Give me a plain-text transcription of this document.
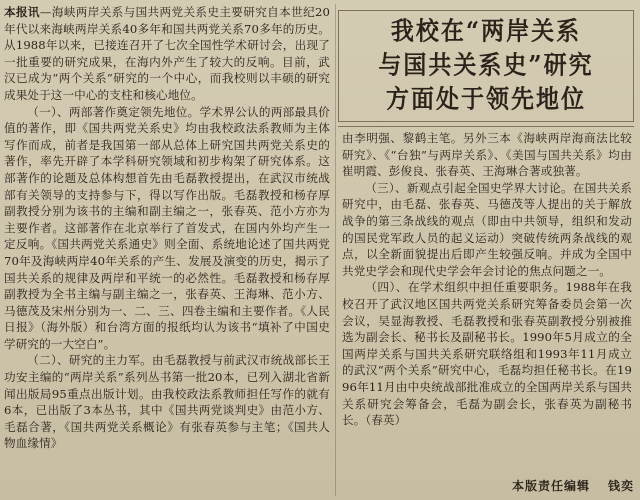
本报讯—海峡两岸关系与国共两党关系史主要研究自本世纪20年代以来海峡两岸关系40多年和国共两党关系70多年的历史。从1988年以来，已接连召开了七次全国性学术研讨会，出现了一批重要的研究成果，在海内外产生了较大的反响。目前，武汉已成为“两个关系”研究的一个中心，而我校则以丰硕的研究成果处于这一中心的支柱和核心地位。

（一）、两部著作奠定领先地位。学术界公认的两部最具价值的著作，即《国共两党关系史》均由我校政法系教师为主体写作而成，前者是我国第一部从总体上研究国共两党关系史的著作，率先开辟了本学科研究领域和初步构架了研究体系。这部著作的论题及总体构想首先由毛磊教授提出，在武汉市统战部有关领导的支持参与下，得以写作出版。毛磊教授和杨存厚副教授分别为该书的主编和副主编之一，张春英、范小方亦为主要作者。这部著作在北京举行了首发式，在国内外均产生一定反响。《国共两党关系通史》则全面、系统地论述了国共两党70年及海峡两岸40年关系的产生、发展及演变的历史，揭示了国共关系的规律及两岸和平统一的必然性。毛磊教授和杨存厚副教授为全书主编与副主编之一，张春英、王海琳、范小方、马德茂及宋州分别为一、二、三、四卷主编和主要作者。《人民日报》（海外版）和台湾方面的报纸均认为该书“填补了中国史学研究的一大空白”。

（二）、研究的主力军。由毛磊教授与前武汉市统战部长王功安主编的“两岸关系”系列丛书第一批20本，已列入湖北省新闻出版局95重点出版计划。由我校政法系教师担任写作的就有6本，已出版了3本丛书，其中《国共两党谈判史》由范小方、毛磊合著，《国共两党关系概论》有张春英参与主笔；《国共人物血缘情》

我校在“两岸关系
与国共关系史”研究
方面处于领先地位

由李明强、黎鹤主笔。另外三本《海峡两岸海商法比较研究》、《“台独”与两岸关系》、《美国与国共关系》均由崔明霞、彭俊良、张春英、王海琳合著或独著。

（三）、新观点引起全国史学界大讨论。在国共关系研究中，由毛磊、张春英、马德茂等人提出的关于解放战争的第三条战线的观点（即由中共领导，组织和发动的国民党军政人员的起义运动）突破传统两条战线的观点，以全新面貌提出后即产生较强反响。并成为全国中共党史学会和现代史学会年会讨论的焦点问题之一。

（四）、在学术组织中担任重要职务。1988年在我校召开了武汉地区国共两党关系研究筹备委员会第一次会议，吴显海教授、毛磊教授和张春英副教授分别被推选为副会长、秘书长及副秘书长。1990年5月成立的全国两岸关系与国共关系研究联络组和1993年11月成立的武汉“两个关系”研究中心，毛磊均担任秘书长。在1996年11月由中央统战部批准成立的全国两岸关系与国共关系研究会筹备会，毛磊为副会长，张春英为副秘书长。（春英）

本版责任编辑 钱奕
